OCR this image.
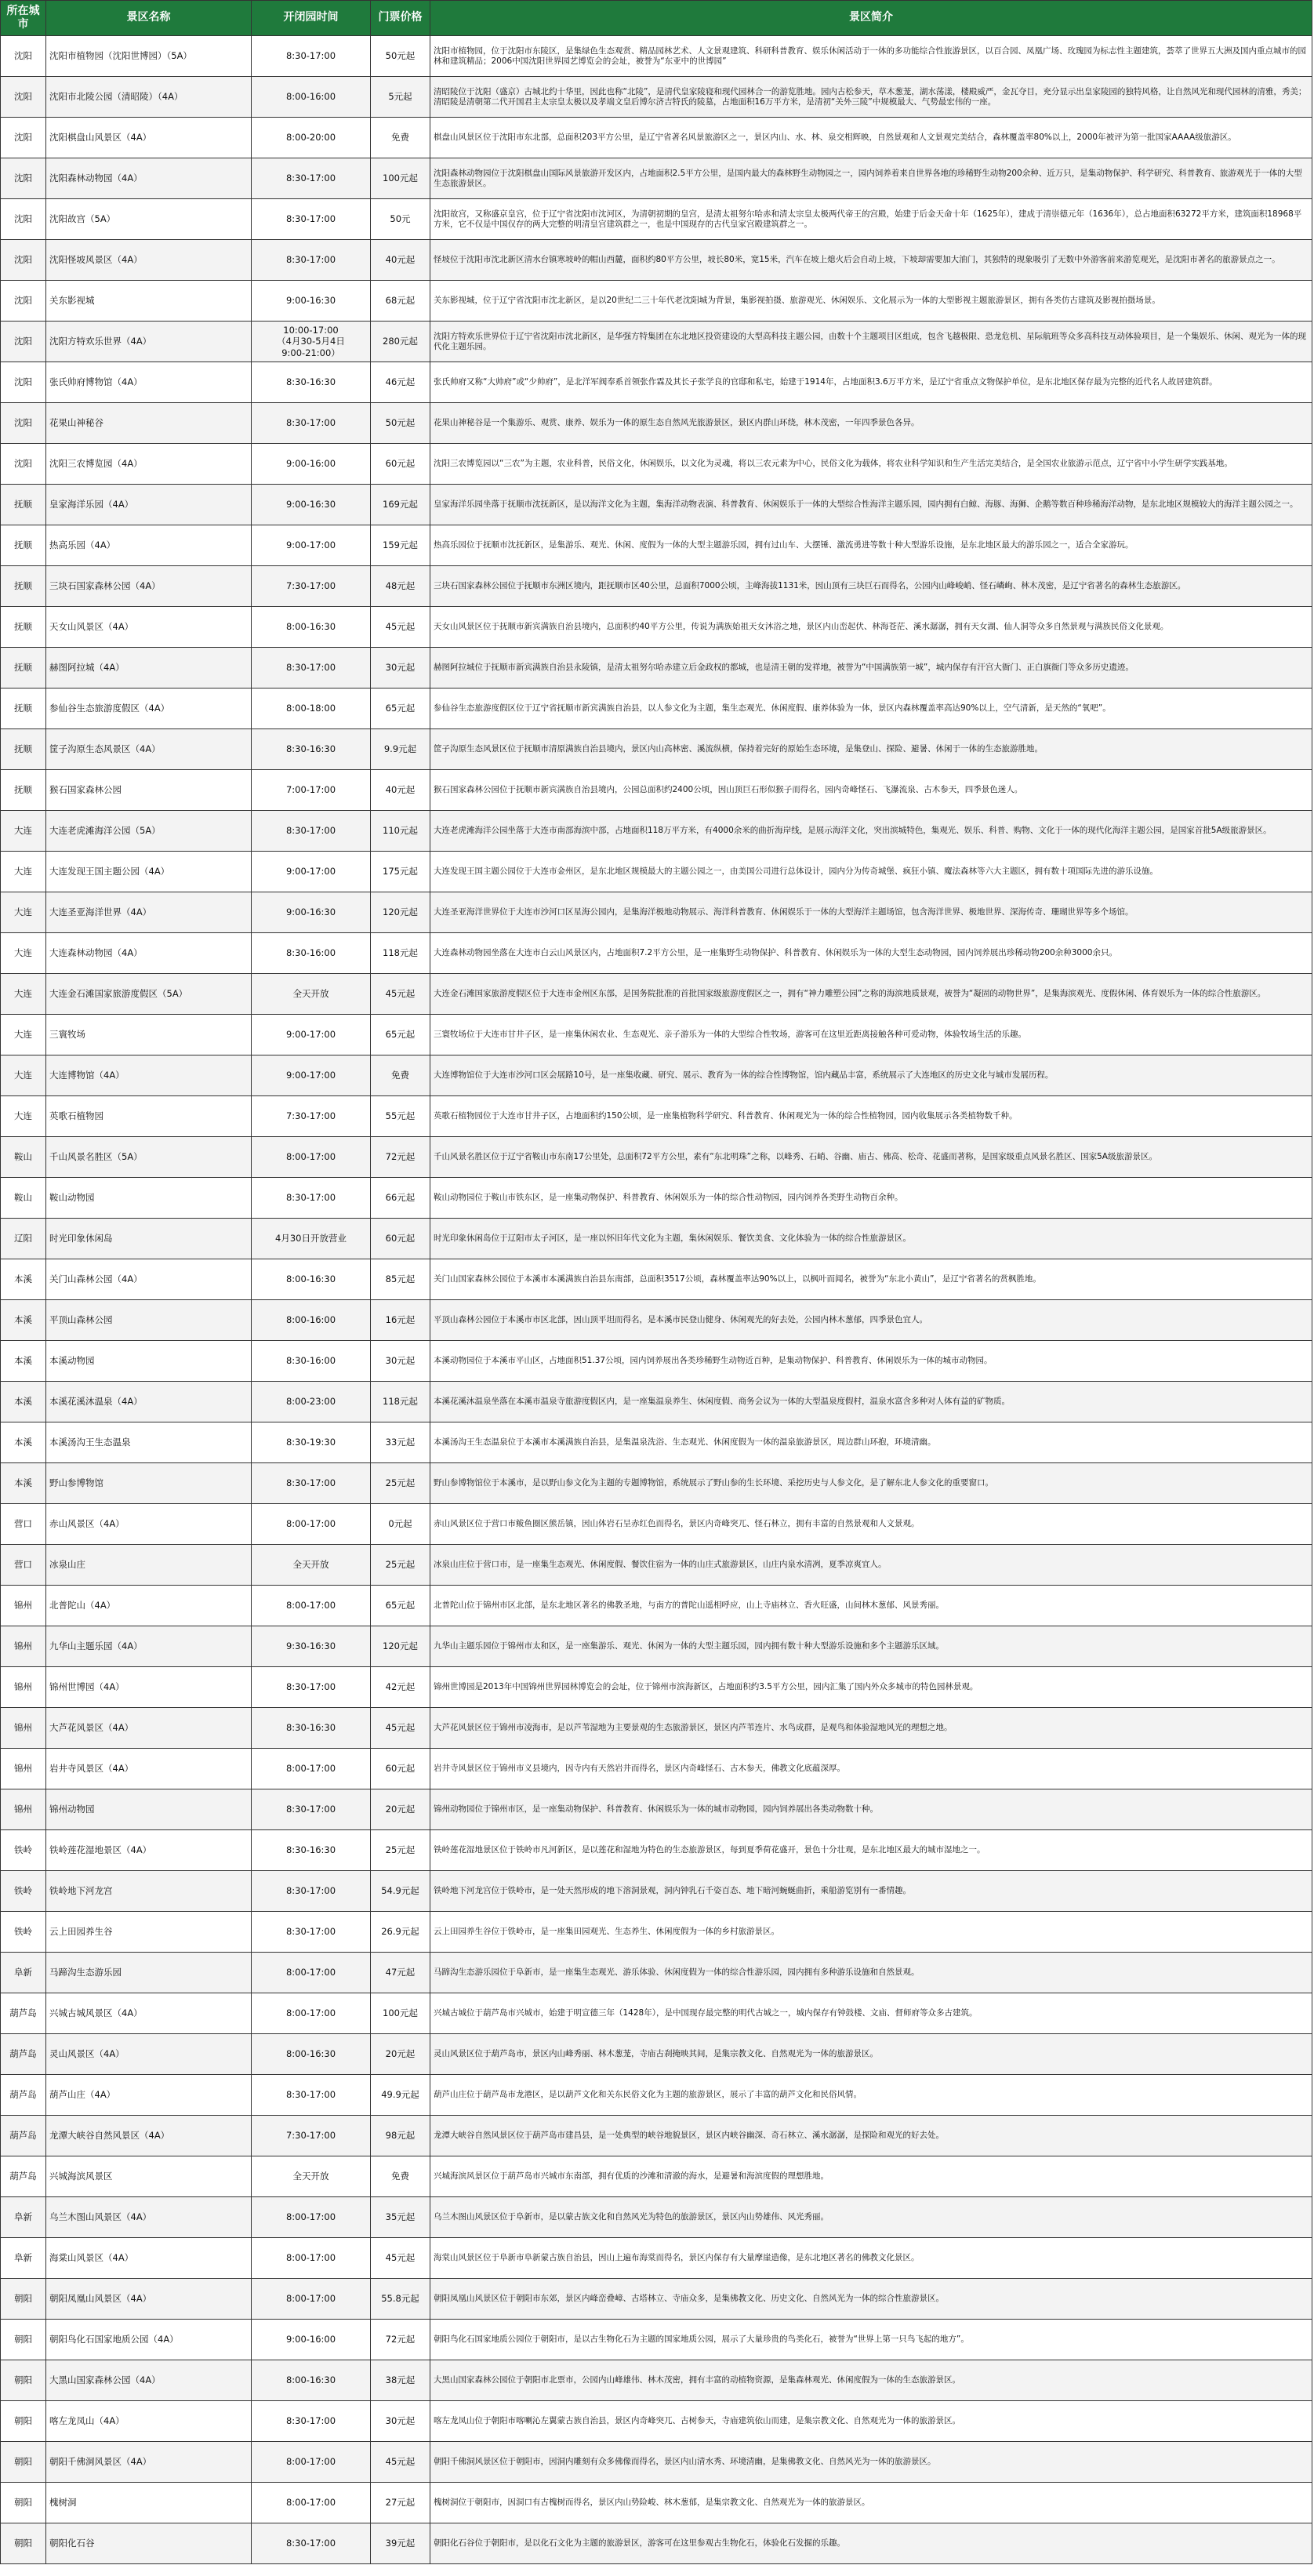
所在城市	景区名称	开闭园时间	门票价格	景区简介
沈阳	沈阳市植物园（沈阳世博园）（5A）	8:30-17:00	50元起	沈阳市植物园，位于沈阳市东陵区，是集绿色生态观赏、精品园林艺术、人文景观建筑、科研科普教育、娱乐休闲活动于一体的多功能综合性旅游景区，以百合园、凤凰广场、玫瑰园为标志性主题建筑，荟萃了世界五大洲及国内重点城市的园林和建筑精品；2006中国沈阳世界园艺博览会的会址，被誉为“东亚中的世博园”
沈阳	沈阳市北陵公园（清昭陵）（4A）	8:00-16:00	5元起	清昭陵位于沈阳（盛京）古城北约十华里，因此也称“北陵”，是清代皇家陵寝和现代园林合一的游览胜地。园内古松参天，草木葱茏，湖水荡漾，楼殿威严，金瓦夺目，充分显示出皇家陵园的独特风格，让自然风光和现代园林的清雅，秀美；清昭陵是清朝第二代开国君主太宗皇太极以及孝端文皇后博尔济吉特氏的陵墓，占地面积16万平方米，是清初“关外三陵”中规模最大、气势最宏伟的一座。
沈阳	沈阳棋盘山风景区（4A）	8:00-20:00	免费	棋盘山风景区位于沈阳市东北部，总面积203平方公里，是辽宁省著名风景旅游区之一，景区内山、水、林、泉交相辉映，自然景观和人文景观完美结合，森林覆盖率80%以上，2000年被评为第一批国家AAAA级旅游区。
沈阳	沈阳森林动物园（4A）	8:30-17:00	100元起	沈阳森林动物园位于沈阳棋盘山国际风景旅游开发区内，占地面积2.5平方公里，是国内最大的森林野生动物园之一，园内饲养着来自世界各地的珍稀野生动物200余种、近万只，是集动物保护、科学研究、科普教育、旅游观光于一体的大型生态旅游景区。
沈阳	沈阳故宫（5A）	8:30-17:00	50元	沈阳故宫，又称盛京皇宫，位于辽宁省沈阳市沈河区，为清朝初期的皇宫，是清太祖努尔哈赤和清太宗皇太极两代帝王的宫殿，始建于后金天命十年（1625年），建成于清崇德元年（1636年），总占地面积63272平方米，建筑面积18968平方米，它不仅是中国仅存的两大完整的明清皇宫建筑群之一，也是中国现存的古代皇家宫殿建筑群之一。
沈阳	沈阳怪坡风景区（4A）	8:30-17:00	40元起	怪坡位于沈阳市沈北新区清水台镇寒坡岭的帽山西麓，面积约80平方公里，坡长80米，宽15米，汽车在坡上熄火后会自动上坡，下坡却需要加大油门，其独特的现象吸引了无数中外游客前来游览观光，是沈阳市著名的旅游景点之一。
沈阳	关东影视城	9:00-16:30	68元起	关东影视城，位于辽宁省沈阳市沈北新区，是以20世纪二三十年代老沈阳城为背景，集影视拍摄、旅游观光、休闲娱乐、文化展示为一体的大型影视主题旅游景区，拥有各类仿古建筑及影视拍摄场景。
沈阳	沈阳方特欢乐世界（4A）	10:00-17:00
（4月30-5月4日
9:00-21:00）	280元起	沈阳方特欢乐世界位于辽宁省沈阳市沈北新区，是华强方特集团在东北地区投资建设的大型高科技主题公园，由数十个主题项目区组成，包含飞越极限、恐龙危机、星际航班等众多高科技互动体验项目，是一个集娱乐、休闲、观光为一体的现代化主题乐园。
沈阳	张氏帅府博物馆（4A）	8:30-16:30	46元起	张氏帅府又称“大帅府”或“少帅府”，是北洋军阀奉系首领张作霖及其长子张学良的官邸和私宅，始建于1914年，占地面积3.6万平方米，是辽宁省重点文物保护单位，是东北地区保存最为完整的近代名人故居建筑群。
沈阳	花果山神秘谷	8:30-17:00	50元起	花果山神秘谷是一个集游乐、观赏、康养、娱乐为一体的原生态自然风光旅游景区，景区内群山环绕，林木茂密，一年四季景色各异。
沈阳	沈阳三农博览园（4A）	9:00-16:00	60元起	沈阳三农博览园以“三农”为主题，农业科普，民俗文化，休闲娱乐，以文化为灵魂，将以三农元素为中心，民俗文化为载体，将农业科学知识和生产生活完美结合，是全国农业旅游示范点，辽宁省中小学生研学实践基地。
抚顺	皇家海洋乐园（4A）	9:00-16:30	169元起	皇家海洋乐园坐落于抚顺市沈抚新区，是以海洋文化为主题，集海洋动物表演、科普教育、休闲娱乐于一体的大型综合性海洋主题乐园，园内拥有白鲸、海豚、海狮、企鹅等数百种珍稀海洋动物，是东北地区规模较大的海洋主题公园之一。
抚顺	热高乐园（4A）	9:00-17:00	159元起	热高乐园位于抚顺市沈抚新区，是集游乐、观光、休闲、度假为一体的大型主题游乐园，拥有过山车、大摆锤、激流勇进等数十种大型游乐设施，是东北地区最大的游乐园之一，适合全家游玩。
抚顺	三块石国家森林公园（4A）	7:30-17:00	48元起	三块石国家森林公园位于抚顺市东洲区境内，距抚顺市区40公里，总面积7000公顷，主峰海拔1131米，因山顶有三块巨石而得名，公园内山峰峻峭、怪石嶙峋、林木茂密，是辽宁省著名的森林生态旅游区。
抚顺	天女山风景区（4A）	8:00-16:30	45元起	天女山风景区位于抚顺市新宾满族自治县境内，总面积约40平方公里，传说为满族始祖天女沐浴之地，景区内山峦起伏、林海苍茫、溪水潺潺，拥有天女湖、仙人洞等众多自然景观与满族民俗文化景观。
抚顺	赫图阿拉城（4A）	8:30-17:00	30元起	赫图阿拉城位于抚顺市新宾满族自治县永陵镇，是清太祖努尔哈赤建立后金政权的都城，也是清王朝的发祥地，被誉为“中国满族第一城”，城内保存有汗宫大衙门、正白旗衙门等众多历史遗迹。
抚顺	参仙谷生态旅游度假区（4A）	8:00-18:00	65元起	参仙谷生态旅游度假区位于辽宁省抚顺市新宾满族自治县，以人参文化为主题，集生态观光、休闲度假、康养体验为一体，景区内森林覆盖率高达90%以上，空气清新，是天然的“氧吧”。
抚顺	筐子沟原生态风景区（4A）	8:30-16:30	9.9元起	筐子沟原生态风景区位于抚顺市清原满族自治县境内，景区内山高林密、溪流纵横，保持着完好的原始生态环境，是集登山、探险、避暑、休闲于一体的生态旅游胜地。
抚顺	猴石国家森林公园	7:00-17:00	40元起	猴石国家森林公园位于抚顺市新宾满族自治县境内，公园总面积约2400公顷，因山顶巨石形似猴子而得名，园内奇峰怪石、飞瀑流泉、古木参天，四季景色迷人。
大连	大连老虎滩海洋公园（5A）	8:30-17:00	110元起	大连老虎滩海洋公园坐落于大连市南部海滨中部，占地面积118万平方米，有4000余米的曲折海岸线，是展示海洋文化，突出滨城特色，集观光、娱乐、科普、购物、文化于一体的现代化海洋主题公园，是国家首批5A级旅游景区。
大连	大连发现王国主题公园（4A）	9:00-17:00	175元起	大连发现王国主题公园位于大连市金州区，是东北地区规模最大的主题公园之一，由美国公司进行总体设计，园内分为传奇城堡、疯狂小镇、魔法森林等六大主题区，拥有数十项国际先进的游乐设施。
大连	大连圣亚海洋世界（4A）	9:00-16:30	120元起	大连圣亚海洋世界位于大连市沙河口区星海公园内，是集海洋极地动物展示、海洋科普教育、休闲娱乐于一体的大型海洋主题场馆，包含海洋世界、极地世界、深海传奇、珊瑚世界等多个场馆。
大连	大连森林动物园（4A）	8:30-16:00	118元起	大连森林动物园坐落在大连市白云山风景区内，占地面积7.2平方公里，是一座集野生动物保护、科普教育、休闲娱乐为一体的大型生态动物园，园内饲养展出珍稀动物200余种3000余只。
大连	大连金石滩国家旅游度假区（5A）	全天开放	45元起	大连金石滩国家旅游度假区位于大连市金州区东部，是国务院批准的首批国家级旅游度假区之一，拥有“神力雕塑公园”之称的海滨地质景观，被誉为“凝固的动物世界”，是集海滨观光、度假休闲、体育娱乐为一体的综合性旅游区。
大连	三寰牧场	9:00-17:00	65元起	三寰牧场位于大连市甘井子区，是一座集休闲农业、生态观光、亲子游乐为一体的大型综合性牧场，游客可在这里近距离接触各种可爱动物，体验牧场生活的乐趣。
大连	大连博物馆（4A）	9:00-17:00	免费	大连博物馆位于大连市沙河口区会展路10号，是一座集收藏、研究、展示、教育为一体的综合性博物馆，馆内藏品丰富，系统展示了大连地区的历史文化与城市发展历程。
大连	英歌石植物园	7:30-17:00	55元起	英歌石植物园位于大连市甘井子区，占地面积约150公顷，是一座集植物科学研究、科普教育、休闲观光为一体的综合性植物园，园内收集展示各类植物数千种。
鞍山	千山风景名胜区（5A）	8:00-17:00	72元起	千山风景名胜区位于辽宁省鞍山市东南17公里处，总面积72平方公里，素有“东北明珠”之称，以峰秀、石峭、谷幽、庙古、佛高、松奇、花盛而著称，是国家级重点风景名胜区、国家5A级旅游景区。
鞍山	鞍山动物园	8:30-17:00	66元起	鞍山动物园位于鞍山市铁东区，是一座集动物保护、科普教育、休闲娱乐为一体的综合性动物园，园内饲养各类野生动物百余种。
辽阳	时光印象休闲岛	4月30日开放营业	60元起	时光印象休闲岛位于辽阳市太子河区，是一座以怀旧年代文化为主题，集休闲娱乐、餐饮美食、文化体验为一体的综合性旅游景区。
本溪	关门山森林公园（4A）	8:00-16:30	85元起	关门山国家森林公园位于本溪市本溪满族自治县东南部，总面积3517公顷，森林覆盖率达90%以上，以枫叶而闻名，被誉为“东北小黄山”，是辽宁省著名的赏枫胜地。
本溪	平顶山森林公园	8:00-16:00	16元起	平顶山森林公园位于本溪市市区北部，因山顶平坦而得名，是本溪市民登山健身、休闲观光的好去处，公园内林木葱郁，四季景色宜人。
本溪	本溪动物园	8:30-16:00	30元起	本溪动物园位于本溪市平山区，占地面积51.37公顷，园内饲养展出各类珍稀野生动物近百种，是集动物保护、科普教育、休闲娱乐为一体的城市动物园。
本溪	本溪花溪沐温泉（4A）	8:00-23:00	118元起	本溪花溪沐温泉坐落在本溪市温泉寺旅游度假区内，是一座集温泉养生、休闲度假、商务会议为一体的大型温泉度假村，温泉水富含多种对人体有益的矿物质。
本溪	本溪汤沟王生态温泉	8:30-19:30	33元起	本溪汤沟王生态温泉位于本溪市本溪满族自治县，是集温泉洗浴、生态观光、休闲度假为一体的温泉旅游景区，周边群山环抱，环境清幽。
本溪	野山参博物馆	8:30-17:00	25元起	野山参博物馆位于本溪市，是以野山参文化为主题的专题博物馆，系统展示了野山参的生长环境、采挖历史与人参文化，是了解东北人参文化的重要窗口。
营口	赤山风景区（4A）	8:00-17:00	0元起	赤山风景区位于营口市鲅鱼圈区熊岳镇，因山体岩石呈赤红色而得名，景区内奇峰突兀、怪石林立，拥有丰富的自然景观和人文景观。
营口	冰泉山庄	全天开放	25元起	冰泉山庄位于营口市，是一座集生态观光、休闲度假、餐饮住宿为一体的山庄式旅游景区，山庄内泉水清冽，夏季凉爽宜人。
锦州	北普陀山（4A）	8:00-17:00	65元起	北普陀山位于锦州市区北部，是东北地区著名的佛教圣地，与南方的普陀山遥相呼应，山上寺庙林立、香火旺盛，山间林木葱郁、风景秀丽。
锦州	九华山主题乐园（4A）	9:30-16:30	120元起	九华山主题乐园位于锦州市太和区，是一座集游乐、观光、休闲为一体的大型主题乐园，园内拥有数十种大型游乐设施和多个主题游乐区域。
锦州	锦州世博园（4A）	8:30-17:00	42元起	锦州世博园是2013年中国锦州世界园林博览会的会址，位于锦州市滨海新区，占地面积约3.5平方公里，园内汇集了国内外众多城市的特色园林景观。
锦州	大芦花风景区（4A）	8:30-16:30	45元起	大芦花风景区位于锦州市凌海市，是以芦苇湿地为主要景观的生态旅游景区，景区内芦苇连片、水鸟成群，是观鸟和体验湿地风光的理想之地。
锦州	岩井寺风景区（4A）	8:00-17:00	60元起	岩井寺风景区位于锦州市义县境内，因寺内有天然岩井而得名，景区内奇峰怪石、古木参天，佛教文化底蕴深厚。
锦州	锦州动物园	8:30-17:00	20元起	锦州动物园位于锦州市区，是一座集动物保护、科普教育、休闲娱乐为一体的城市动物园，园内饲养展出各类动物数十种。
铁岭	铁岭莲花湿地景区（4A）	8:30-16:30	25元起	铁岭莲花湿地景区位于铁岭市凡河新区，是以莲花和湿地为特色的生态旅游景区，每到夏季荷花盛开，景色十分壮观，是东北地区最大的城市湿地之一。
铁岭	铁岭地下河龙宫	8:30-17:00	54.9元起	铁岭地下河龙宫位于铁岭市，是一处天然形成的地下溶洞景观，洞内钟乳石千姿百态、地下暗河蜿蜒曲折，乘船游览别有一番情趣。
铁岭	云上田园养生谷	8:30-17:00	26.9元起	云上田园养生谷位于铁岭市，是一座集田园观光、生态养生、休闲度假为一体的乡村旅游景区。
阜新	马蹄沟生态游乐园	8:00-17:00	47元起	马蹄沟生态游乐园位于阜新市，是一座集生态观光、游乐体验、休闲度假为一体的综合性游乐园，园内拥有多种游乐设施和自然景观。
葫芦岛	兴城古城风景区（4A）	8:00-17:00	100元起	兴城古城位于葫芦岛市兴城市，始建于明宣德三年（1428年），是中国现存最完整的明代古城之一，城内保存有钟鼓楼、文庙、督师府等众多古建筑。
葫芦岛	灵山风景区（4A）	8:00-16:30	20元起	灵山风景区位于葫芦岛市，景区内山峰秀丽、林木葱茏，寺庙古刹掩映其间，是集宗教文化、自然观光为一体的旅游景区。
葫芦岛	葫芦山庄（4A）	8:30-17:00	49.9元起	葫芦山庄位于葫芦岛市龙港区，是以葫芦文化和关东民俗文化为主题的旅游景区，展示了丰富的葫芦文化和民俗风情。
葫芦岛	龙潭大峡谷自然风景区（4A）	7:30-17:00	98元起	龙潭大峡谷自然风景区位于葫芦岛市建昌县，是一处典型的峡谷地貌景区，景区内峡谷幽深、奇石林立、溪水潺潺，是探险和观光的好去处。
葫芦岛	兴城海滨风景区	全天开放	免费	兴城海滨风景区位于葫芦岛市兴城市东南部，拥有优质的沙滩和清澈的海水，是避暑和海滨度假的理想胜地。
阜新	乌兰木图山风景区（4A）	8:00-17:00	35元起	乌兰木图山风景区位于阜新市，是以蒙古族文化和自然风光为特色的旅游景区，景区内山势雄伟、风光秀丽。
阜新	海棠山风景区（4A）	8:00-17:00	45元起	海棠山风景区位于阜新市阜新蒙古族自治县，因山上遍布海棠而得名，景区内保存有大量摩崖造像，是东北地区著名的佛教文化景区。
朝阳	朝阳凤凰山风景区（4A）	8:00-17:00	55.8元起	朝阳凤凰山风景区位于朝阳市东郊，景区内峰峦叠嶂、古塔林立、寺庙众多，是集佛教文化、历史文化、自然风光为一体的综合性旅游景区。
朝阳	朝阳鸟化石国家地质公园（4A）	9:00-16:00	72元起	朝阳鸟化石国家地质公园位于朝阳市，是以古生物化石为主题的国家地质公园，展示了大量珍贵的鸟类化石，被誉为“世界上第一只鸟飞起的地方”。
朝阳	大黑山国家森林公园（4A）	8:00-16:30	38元起	大黑山国家森林公园位于朝阳市北票市，公园内山峰雄伟、林木茂密，拥有丰富的动植物资源，是集森林观光、休闲度假为一体的生态旅游景区。
朝阳	喀左龙凤山（4A）	8:30-17:00	30元起	喀左龙凤山位于朝阳市喀喇沁左翼蒙古族自治县，景区内奇峰突兀、古树参天，寺庙建筑依山而建，是集宗教文化、自然观光为一体的旅游景区。
朝阳	朝阳千佛洞风景区（4A）	8:00-17:00	45元起	朝阳千佛洞风景区位于朝阳市，因洞内雕刻有众多佛像而得名，景区内山清水秀、环境清幽，是集佛教文化、自然风光为一体的旅游景区。
朝阳	槐树洞	8:00-17:00	27元起	槐树洞位于朝阳市，因洞口有古槐树而得名，景区内山势险峻、林木葱郁，是集宗教文化、自然观光为一体的旅游景区。
朝阳	朝阳化石谷	8:30-17:00	39元起	朝阳化石谷位于朝阳市，是以化石文化为主题的旅游景区，游客可在这里参观古生物化石，体验化石发掘的乐趣。
